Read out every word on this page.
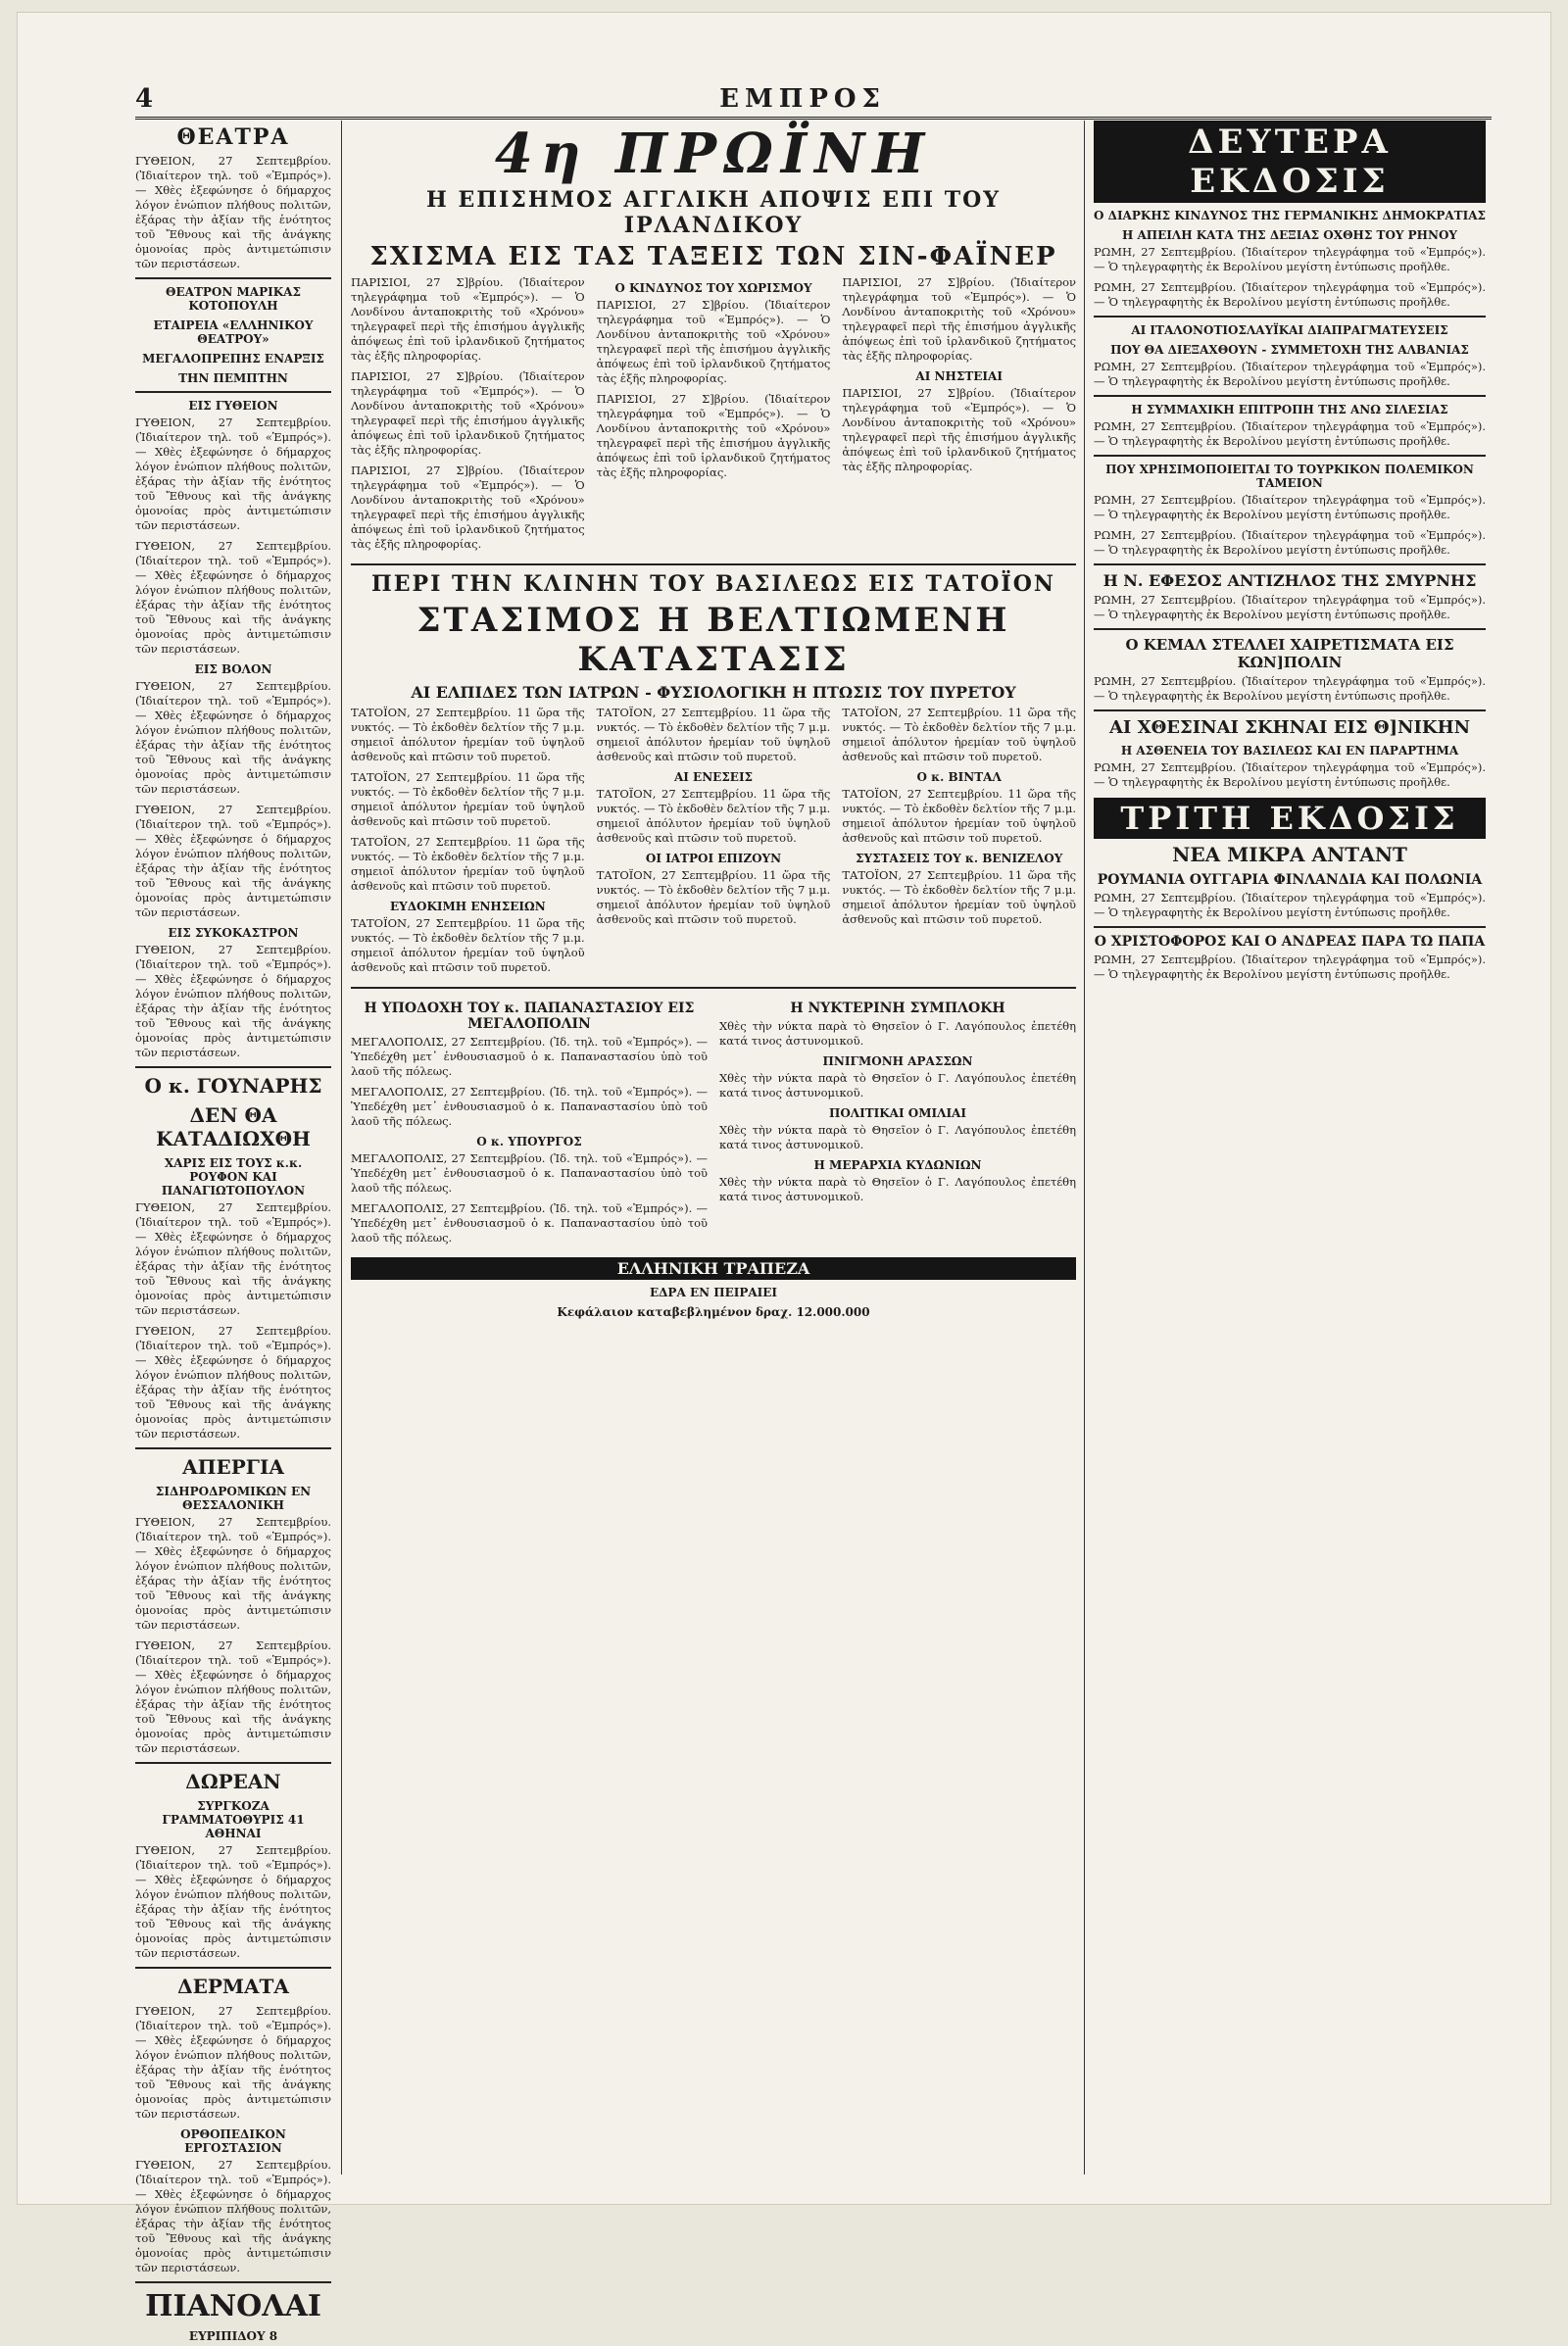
4	ΕΜΠΡΟΣ
ΘΕΑΤΡΑ

ΓΥΘΕΙΟΝ, 27 Σεπτεμβρίου. (Ἰδιαίτερον τηλ. τοῦ «Ἐμπρός»). — Χθὲς ἐξεφώνησε ὁ δήμαρχος λόγον ἐνώπιον πλήθους πολιτῶν, ἐξάρας τὴν ἀξίαν τῆς ἑνότητος τοῦ Ἔθνους καὶ τῆς ἀνάγκης ὁμονοίας πρὸς ἀντιμετώπισιν τῶν περιστάσεων.

ΘΕΑΤΡΟΝ ΜΑΡΙΚΑΣ ΚΟΤΟΠΟΥΛΗ
ΕΤΑΙΡΕΙΑ «ΕΛΛΗΝΙΚΟΥ ΘΕΑΤΡΟΥ»
ΜΕΓΑΛΟΠΡΕΠΗΣ ΕΝΑΡΞΙΣ
ΤΗΝ ΠΕΜΠΤΗΝ
ΕΙΣ ΓΥΘΕΙΟΝ

ΓΥΘΕΙΟΝ, 27 Σεπτεμβρίου. (Ἰδιαίτερον τηλ. τοῦ «Ἐμπρός»). — Χθὲς ἐξεφώνησε ὁ δήμαρχος λόγον ἐνώπιον πλήθους πολιτῶν, ἐξάρας τὴν ἀξίαν τῆς ἑνότητος τοῦ Ἔθνους καὶ τῆς ἀνάγκης ὁμονοίας πρὸς ἀντιμετώπισιν τῶν περιστάσεων.

ΓΥΘΕΙΟΝ, 27 Σεπτεμβρίου. (Ἰδιαίτερον τηλ. τοῦ «Ἐμπρός»). — Χθὲς ἐξεφώνησε ὁ δήμαρχος λόγον ἐνώπιον πλήθους πολιτῶν, ἐξάρας τὴν ἀξίαν τῆς ἑνότητος τοῦ Ἔθνους καὶ τῆς ἀνάγκης ὁμονοίας πρὸς ἀντιμετώπισιν τῶν περιστάσεων.

ΕΙΣ ΒΟΛΟΝ

ΓΥΘΕΙΟΝ, 27 Σεπτεμβρίου. (Ἰδιαίτερον τηλ. τοῦ «Ἐμπρός»). — Χθὲς ἐξεφώνησε ὁ δήμαρχος λόγον ἐνώπιον πλήθους πολιτῶν, ἐξάρας τὴν ἀξίαν τῆς ἑνότητος τοῦ Ἔθνους καὶ τῆς ἀνάγκης ὁμονοίας πρὸς ἀντιμετώπισιν τῶν περιστάσεων.

ΓΥΘΕΙΟΝ, 27 Σεπτεμβρίου. (Ἰδιαίτερον τηλ. τοῦ «Ἐμπρός»). — Χθὲς ἐξεφώνησε ὁ δήμαρχος λόγον ἐνώπιον πλήθους πολιτῶν, ἐξάρας τὴν ἀξίαν τῆς ἑνότητος τοῦ Ἔθνους καὶ τῆς ἀνάγκης ὁμονοίας πρὸς ἀντιμετώπισιν τῶν περιστάσεων.

ΕΙΣ ΣΥΚΟΚΑΣΤΡΟΝ

ΓΥΘΕΙΟΝ, 27 Σεπτεμβρίου. (Ἰδιαίτερον τηλ. τοῦ «Ἐμπρός»). — Χθὲς ἐξεφώνησε ὁ δήμαρχος λόγον ἐνώπιον πλήθους πολιτῶν, ἐξάρας τὴν ἀξίαν τῆς ἑνότητος τοῦ Ἔθνους καὶ τῆς ἀνάγκης ὁμονοίας πρὸς ἀντιμετώπισιν τῶν περιστάσεων.

Ο κ. ΓΟΥΝΑΡΗΣ
ΔΕΝ ΘΑ ΚΑΤΑΔΙΩΧΘΗ
ΧΑΡΙΣ ΕΙΣ ΤΟΥΣ κ.κ. ΡΟΥΦΟΝ ΚΑΙ ΠΑΝΑΓΙΩΤΟΠΟΥΛΟΝ

ΓΥΘΕΙΟΝ, 27 Σεπτεμβρίου. (Ἰδιαίτερον τηλ. τοῦ «Ἐμπρός»). — Χθὲς ἐξεφώνησε ὁ δήμαρχος λόγον ἐνώπιον πλήθους πολιτῶν, ἐξάρας τὴν ἀξίαν τῆς ἑνότητος τοῦ Ἔθνους καὶ τῆς ἀνάγκης ὁμονοίας πρὸς ἀντιμετώπισιν τῶν περιστάσεων.

ΓΥΘΕΙΟΝ, 27 Σεπτεμβρίου. (Ἰδιαίτερον τηλ. τοῦ «Ἐμπρός»). — Χθὲς ἐξεφώνησε ὁ δήμαρχος λόγον ἐνώπιον πλήθους πολιτῶν, ἐξάρας τὴν ἀξίαν τῆς ἑνότητος τοῦ Ἔθνους καὶ τῆς ἀνάγκης ὁμονοίας πρὸς ἀντιμετώπισιν τῶν περιστάσεων.

ΑΠΕΡΓΙΑ
ΣΙΔΗΡΟΔΡΟΜΙΚΩΝ ΕΝ ΘΕΣΣΑΛΟΝΙΚΗ

ΓΥΘΕΙΟΝ, 27 Σεπτεμβρίου. (Ἰδιαίτερον τηλ. τοῦ «Ἐμπρός»). — Χθὲς ἐξεφώνησε ὁ δήμαρχος λόγον ἐνώπιον πλήθους πολιτῶν, ἐξάρας τὴν ἀξίαν τῆς ἑνότητος τοῦ Ἔθνους καὶ τῆς ἀνάγκης ὁμονοίας πρὸς ἀντιμετώπισιν τῶν περιστάσεων.

ΓΥΘΕΙΟΝ, 27 Σεπτεμβρίου. (Ἰδιαίτερον τηλ. τοῦ «Ἐμπρός»). — Χθὲς ἐξεφώνησε ὁ δήμαρχος λόγον ἐνώπιον πλήθους πολιτῶν, ἐξάρας τὴν ἀξίαν τῆς ἑνότητος τοῦ Ἔθνους καὶ τῆς ἀνάγκης ὁμονοίας πρὸς ἀντιμετώπισιν τῶν περιστάσεων.

ΔΩΡΕΑΝ
ΣΥΡΓΚΟΖΑ ΓΡΑΜΜΑΤΟΘΥΡΙΣ 41 ΑΘΗΝΑΙ

ΓΥΘΕΙΟΝ, 27 Σεπτεμβρίου. (Ἰδιαίτερον τηλ. τοῦ «Ἐμπρός»). — Χθὲς ἐξεφώνησε ὁ δήμαρχος λόγον ἐνώπιον πλήθους πολιτῶν, ἐξάρας τὴν ἀξίαν τῆς ἑνότητος τοῦ Ἔθνους καὶ τῆς ἀνάγκης ὁμονοίας πρὸς ἀντιμετώπισιν τῶν περιστάσεων.

ΔΕΡΜΑΤΑ

ΓΥΘΕΙΟΝ, 27 Σεπτεμβρίου. (Ἰδιαίτερον τηλ. τοῦ «Ἐμπρός»). — Χθὲς ἐξεφώνησε ὁ δήμαρχος λόγον ἐνώπιον πλήθους πολιτῶν, ἐξάρας τὴν ἀξίαν τῆς ἑνότητος τοῦ Ἔθνους καὶ τῆς ἀνάγκης ὁμονοίας πρὸς ἀντιμετώπισιν τῶν περιστάσεων.

ΟΡΘΟΠΕΔΙΚΟΝ ΕΡΓΟΣΤΑΣΙΟΝ

ΓΥΘΕΙΟΝ, 27 Σεπτεμβρίου. (Ἰδιαίτερον τηλ. τοῦ «Ἐμπρός»). — Χθὲς ἐξεφώνησε ὁ δήμαρχος λόγον ἐνώπιον πλήθους πολιτῶν, ἐξάρας τὴν ἀξίαν τῆς ἑνότητος τοῦ Ἔθνους καὶ τῆς ἀνάγκης ὁμονοίας πρὸς ἀντιμετώπισιν τῶν περιστάσεων.

ΠΙΑΝΟΛΑΙ
ΕΥΡΙΠΙΔΟΥ 8
4η ΠΡΩΪΝΗ
Η ΕΠΙΣΗΜΟΣ ΑΓΓΛΙΚΗ ΑΠΟΨΙΣ ΕΠΙ ΤΟΥ ΙΡΛΑΝΔΙΚΟΥ
ΣΧΙΣΜΑ ΕΙΣ ΤΑΣ ΤΑΞΕΙΣ ΤΩΝ ΣΙΝ-ΦΑΪΝΕΡ

ΠΑΡΙΣΙΟΙ, 27 Σ]βρίου. (Ἰδιαίτερον τηλεγράφημα τοῦ «Ἐμπρός»). — Ὁ Λονδίνου ἀνταποκριτὴς τοῦ «Χρόνου» τηλεγραφεῖ περὶ τῆς ἐπισήμου ἀγγλικῆς ἀπόψεως ἐπὶ τοῦ ἰρλανδικοῦ ζητήματος τὰς ἑξῆς πληροφορίας.

ΠΑΡΙΣΙΟΙ, 27 Σ]βρίου. (Ἰδιαίτερον τηλεγράφημα τοῦ «Ἐμπρός»). — Ὁ Λονδίνου ἀνταποκριτὴς τοῦ «Χρόνου» τηλεγραφεῖ περὶ τῆς ἐπισήμου ἀγγλικῆς ἀπόψεως ἐπὶ τοῦ ἰρλανδικοῦ ζητήματος τὰς ἑξῆς πληροφορίας.

ΠΑΡΙΣΙΟΙ, 27 Σ]βρίου. (Ἰδιαίτερον τηλεγράφημα τοῦ «Ἐμπρός»). — Ὁ Λονδίνου ἀνταποκριτὴς τοῦ «Χρόνου» τηλεγραφεῖ περὶ τῆς ἐπισήμου ἀγγλικῆς ἀπόψεως ἐπὶ τοῦ ἰρλανδικοῦ ζητήματος τὰς ἑξῆς πληροφορίας.

Ο ΚΙΝΔΥΝΟΣ ΤΟΥ ΧΩΡΙΣΜΟΥ

ΠΑΡΙΣΙΟΙ, 27 Σ]βρίου. (Ἰδιαίτερον τηλεγράφημα τοῦ «Ἐμπρός»). — Ὁ Λονδίνου ἀνταποκριτὴς τοῦ «Χρόνου» τηλεγραφεῖ περὶ τῆς ἐπισήμου ἀγγλικῆς ἀπόψεως ἐπὶ τοῦ ἰρλανδικοῦ ζητήματος τὰς ἑξῆς πληροφορίας.

ΠΑΡΙΣΙΟΙ, 27 Σ]βρίου. (Ἰδιαίτερον τηλεγράφημα τοῦ «Ἐμπρός»). — Ὁ Λονδίνου ἀνταποκριτὴς τοῦ «Χρόνου» τηλεγραφεῖ περὶ τῆς ἐπισήμου ἀγγλικῆς ἀπόψεως ἐπὶ τοῦ ἰρλανδικοῦ ζητήματος τὰς ἑξῆς πληροφορίας.

ΠΑΡΙΣΙΟΙ, 27 Σ]βρίου. (Ἰδιαίτερον τηλεγράφημα τοῦ «Ἐμπρός»). — Ὁ Λονδίνου ἀνταποκριτὴς τοῦ «Χρόνου» τηλεγραφεῖ περὶ τῆς ἐπισήμου ἀγγλικῆς ἀπόψεως ἐπὶ τοῦ ἰρλανδικοῦ ζητήματος τὰς ἑξῆς πληροφορίας.

ΑΙ ΝΗΣΤΕΙΑΙ

ΠΑΡΙΣΙΟΙ, 27 Σ]βρίου. (Ἰδιαίτερον τηλεγράφημα τοῦ «Ἐμπρός»). — Ὁ Λονδίνου ἀνταποκριτὴς τοῦ «Χρόνου» τηλεγραφεῖ περὶ τῆς ἐπισήμου ἀγγλικῆς ἀπόψεως ἐπὶ τοῦ ἰρλανδικοῦ ζητήματος τὰς ἑξῆς πληροφορίας.

ΠΕΡΙ ΤΗΝ ΚΛΙΝΗΝ ΤΟΥ ΒΑΣΙΛΕΩΣ ΕΙΣ ΤΑΤΟΪΟΝ
ΣΤΑΣΙΜΟΣ Η ΒΕΛΤΙΩΜΕΝΗ ΚΑΤΑΣΤΑΣΙΣ
ΑΙ ΕΛΠΙΔΕΣ ΤΩΝ ΙΑΤΡΩΝ - ΦΥΣΙΟΛΟΓΙΚΗ Η ΠΤΩΣΙΣ ΤΟΥ ΠΥΡΕΤΟΥ

ΤΑΤΟΪΟΝ, 27 Σεπτεμβρίου. 11 ὥρα τῆς νυκτός. — Τὸ ἐκδοθὲν δελτίον τῆς 7 μ.μ. σημειοῖ ἀπόλυτον ἠρεμίαν τοῦ ὑψηλοῦ ἀσθενοῦς καὶ πτῶσιν τοῦ πυρετοῦ.

ΤΑΤΟΪΟΝ, 27 Σεπτεμβρίου. 11 ὥρα τῆς νυκτός. — Τὸ ἐκδοθὲν δελτίον τῆς 7 μ.μ. σημειοῖ ἀπόλυτον ἠρεμίαν τοῦ ὑψηλοῦ ἀσθενοῦς καὶ πτῶσιν τοῦ πυρετοῦ.

ΤΑΤΟΪΟΝ, 27 Σεπτεμβρίου. 11 ὥρα τῆς νυκτός. — Τὸ ἐκδοθὲν δελτίον τῆς 7 μ.μ. σημειοῖ ἀπόλυτον ἠρεμίαν τοῦ ὑψηλοῦ ἀσθενοῦς καὶ πτῶσιν τοῦ πυρετοῦ.

ΕΥΔΟΚΙΜΗ ΕΝΗΣΕΙΩΝ

ΤΑΤΟΪΟΝ, 27 Σεπτεμβρίου. 11 ὥρα τῆς νυκτός. — Τὸ ἐκδοθὲν δελτίον τῆς 7 μ.μ. σημειοῖ ἀπόλυτον ἠρεμίαν τοῦ ὑψηλοῦ ἀσθενοῦς καὶ πτῶσιν τοῦ πυρετοῦ.

ΤΑΤΟΪΟΝ, 27 Σεπτεμβρίου. 11 ὥρα τῆς νυκτός. — Τὸ ἐκδοθὲν δελτίον τῆς 7 μ.μ. σημειοῖ ἀπόλυτον ἠρεμίαν τοῦ ὑψηλοῦ ἀσθενοῦς καὶ πτῶσιν τοῦ πυρετοῦ.

ΑΙ ΕΝΕΣΕΙΣ

ΤΑΤΟΪΟΝ, 27 Σεπτεμβρίου. 11 ὥρα τῆς νυκτός. — Τὸ ἐκδοθὲν δελτίον τῆς 7 μ.μ. σημειοῖ ἀπόλυτον ἠρεμίαν τοῦ ὑψηλοῦ ἀσθενοῦς καὶ πτῶσιν τοῦ πυρετοῦ.

ΟΙ ΙΑΤΡΟΙ ΕΠΙΖΟΥΝ

ΤΑΤΟΪΟΝ, 27 Σεπτεμβρίου. 11 ὥρα τῆς νυκτός. — Τὸ ἐκδοθὲν δελτίον τῆς 7 μ.μ. σημειοῖ ἀπόλυτον ἠρεμίαν τοῦ ὑψηλοῦ ἀσθενοῦς καὶ πτῶσιν τοῦ πυρετοῦ.

ΤΑΤΟΪΟΝ, 27 Σεπτεμβρίου. 11 ὥρα τῆς νυκτός. — Τὸ ἐκδοθὲν δελτίον τῆς 7 μ.μ. σημειοῖ ἀπόλυτον ἠρεμίαν τοῦ ὑψηλοῦ ἀσθενοῦς καὶ πτῶσιν τοῦ πυρετοῦ.

Ο κ. ΒΙΝΤΑΛ

ΤΑΤΟΪΟΝ, 27 Σεπτεμβρίου. 11 ὥρα τῆς νυκτός. — Τὸ ἐκδοθὲν δελτίον τῆς 7 μ.μ. σημειοῖ ἀπόλυτον ἠρεμίαν τοῦ ὑψηλοῦ ἀσθενοῦς καὶ πτῶσιν τοῦ πυρετοῦ.

ΣΥΣΤΑΣΕΙΣ ΤΟΥ κ. ΒΕΝΙΖΕΛΟΥ

ΤΑΤΟΪΟΝ, 27 Σεπτεμβρίου. 11 ὥρα τῆς νυκτός. — Τὸ ἐκδοθὲν δελτίον τῆς 7 μ.μ. σημειοῖ ἀπόλυτον ἠρεμίαν τοῦ ὑψηλοῦ ἀσθενοῦς καὶ πτῶσιν τοῦ πυρετοῦ.

Η ΥΠΟΔΟΧΗ ΤΟΥ κ. ΠΑΠΑΝΑΣΤΑΣΙΟΥ ΕΙΣ ΜΕΓΑΛΟΠΟΛΙΝ

ΜΕΓΑΛΟΠΟΛΙΣ, 27 Σεπτεμβρίου. (Ἰδ. τηλ. τοῦ «Ἐμπρός»). — Ὑπεδέχθη μετ᾽ ἐνθουσιασμοῦ ὁ κ. Παπαναστασίου ὑπὸ τοῦ λαοῦ τῆς πόλεως.

ΜΕΓΑΛΟΠΟΛΙΣ, 27 Σεπτεμβρίου. (Ἰδ. τηλ. τοῦ «Ἐμπρός»). — Ὑπεδέχθη μετ᾽ ἐνθουσιασμοῦ ὁ κ. Παπαναστασίου ὑπὸ τοῦ λαοῦ τῆς πόλεως.

Ο κ. ΥΠΟΥΡΓΟΣ

ΜΕΓΑΛΟΠΟΛΙΣ, 27 Σεπτεμβρίου. (Ἰδ. τηλ. τοῦ «Ἐμπρός»). — Ὑπεδέχθη μετ᾽ ἐνθουσιασμοῦ ὁ κ. Παπαναστασίου ὑπὸ τοῦ λαοῦ τῆς πόλεως.

ΜΕΓΑΛΟΠΟΛΙΣ, 27 Σεπτεμβρίου. (Ἰδ. τηλ. τοῦ «Ἐμπρός»). — Ὑπεδέχθη μετ᾽ ἐνθουσιασμοῦ ὁ κ. Παπαναστασίου ὑπὸ τοῦ λαοῦ τῆς πόλεως.

Η ΝΥΚΤΕΡΙΝΗ ΣΥΜΠΛΟΚΗ

Χθὲς τὴν νύκτα παρὰ τὸ Θησεῖον ὁ Γ. Λαγόπουλος ἐπετέθη κατά τινος ἀστυνομικοῦ.

ΠΝΙΓΜΟΝΗ ΑΡΑΣΣΩΝ

Χθὲς τὴν νύκτα παρὰ τὸ Θησεῖον ὁ Γ. Λαγόπουλος ἐπετέθη κατά τινος ἀστυνομικοῦ.

ΠΟΛΙΤΙΚΑΙ ΟΜΙΛΙΑΙ

Χθὲς τὴν νύκτα παρὰ τὸ Θησεῖον ὁ Γ. Λαγόπουλος ἐπετέθη κατά τινος ἀστυνομικοῦ.

Η ΜΕΡΑΡΧΙΑ ΚΥΔΩΝΙΩΝ

Χθὲς τὴν νύκτα παρὰ τὸ Θησεῖον ὁ Γ. Λαγόπουλος ἐπετέθη κατά τινος ἀστυνομικοῦ.

ΕΛΛΗΝΙΚΗ ΤΡΑΠΕΖΑ
ΕΔΡΑ ΕΝ ΠΕΙΡΑΙΕΙ
Κεφάλαιον καταβεβλημένον δραχ. 12.000.000
ΔΕΥΤΕΡΑ ΕΚΔΟΣΙΣ
Ο ΔΙΑΡΚΗΣ ΚΙΝΔΥΝΟΣ ΤΗΣ ΓΕΡΜΑΝΙΚΗΣ ΔΗΜΟΚΡΑΤΙΑΣ
Η ΑΠΕΙΛΗ ΚΑΤΑ ΤΗΣ ΔΕΞΙΑΣ ΟΧΘΗΣ ΤΟΥ ΡΗΝΟΥ

ΡΩΜΗ, 27 Σεπτεμβρίου. (Ἰδιαίτερον τηλεγράφημα τοῦ «Ἐμπρός»). — Ὁ τηλεγραφητὴς ἐκ Βερολίνου μεγίστη ἐντύπωσις προῆλθε.

ΡΩΜΗ, 27 Σεπτεμβρίου. (Ἰδιαίτερον τηλεγράφημα τοῦ «Ἐμπρός»). — Ὁ τηλεγραφητὴς ἐκ Βερολίνου μεγίστη ἐντύπωσις προῆλθε.

ΑΙ ΙΤΑΛΟΝΟΤΙΟΣΛΑΥΪΚΑΙ ΔΙΑΠΡΑΓΜΑΤΕΥΣΕΙΣ
ΠΟΥ ΘΑ ΔΙΕΞΑΧΘΟΥΝ - ΣΥΜΜΕΤΟΧΗ ΤΗΣ ΑΛΒΑΝΙΑΣ

ΡΩΜΗ, 27 Σεπτεμβρίου. (Ἰδιαίτερον τηλεγράφημα τοῦ «Ἐμπρός»). — Ὁ τηλεγραφητὴς ἐκ Βερολίνου μεγίστη ἐντύπωσις προῆλθε.

Η ΣΥΜΜΑΧΙΚΗ ΕΠΙΤΡΟΠΗ ΤΗΣ ΑΝΩ ΣΙΛΕΣΙΑΣ

ΡΩΜΗ, 27 Σεπτεμβρίου. (Ἰδιαίτερον τηλεγράφημα τοῦ «Ἐμπρός»). — Ὁ τηλεγραφητὴς ἐκ Βερολίνου μεγίστη ἐντύπωσις προῆλθε.

ΠΟΥ ΧΡΗΣΙΜΟΠΟΙΕΙΤΑΙ ΤΟ ΤΟΥΡΚΙΚΟΝ ΠΟΛΕΜΙΚΟΝ ΤΑΜΕΙΟΝ

ΡΩΜΗ, 27 Σεπτεμβρίου. (Ἰδιαίτερον τηλεγράφημα τοῦ «Ἐμπρός»). — Ὁ τηλεγραφητὴς ἐκ Βερολίνου μεγίστη ἐντύπωσις προῆλθε.

ΡΩΜΗ, 27 Σεπτεμβρίου. (Ἰδιαίτερον τηλεγράφημα τοῦ «Ἐμπρός»). — Ὁ τηλεγραφητὴς ἐκ Βερολίνου μεγίστη ἐντύπωσις προῆλθε.

Η Ν. ΕΦΕΣΟΣ ΑΝΤΙΖΗΛΟΣ ΤΗΣ ΣΜΥΡΝΗΣ

ΡΩΜΗ, 27 Σεπτεμβρίου. (Ἰδιαίτερον τηλεγράφημα τοῦ «Ἐμπρός»). — Ὁ τηλεγραφητὴς ἐκ Βερολίνου μεγίστη ἐντύπωσις προῆλθε.

Ο ΚΕΜΑΛ ΣΤΕΛΛΕΙ ΧΑΙΡΕΤΙΣΜΑΤΑ ΕΙΣ ΚΩΝ]ΠΟΛΙΝ

ΡΩΜΗ, 27 Σεπτεμβρίου. (Ἰδιαίτερον τηλεγράφημα τοῦ «Ἐμπρός»). — Ὁ τηλεγραφητὴς ἐκ Βερολίνου μεγίστη ἐντύπωσις προῆλθε.

ΑΙ ΧΘΕΣΙΝΑΙ ΣΚΗΝΑΙ ΕΙΣ Θ]ΝΙΚΗΝ
Η ΑΣΘΕΝΕΙΑ ΤΟΥ ΒΑΣΙΛΕΩΣ ΚΑΙ ΕΝ ΠΑΡΑΡΤΗΜΑ

ΡΩΜΗ, 27 Σεπτεμβρίου. (Ἰδιαίτερον τηλεγράφημα τοῦ «Ἐμπρός»). — Ὁ τηλεγραφητὴς ἐκ Βερολίνου μεγίστη ἐντύπωσις προῆλθε.

ΤΡΙΤΗ ΕΚΔΟΣΙΣ
ΝΕΑ ΜΙΚΡΑ ΑΝΤΑΝΤ
ΡΟΥΜΑΝΙΑ ΟΥΓΓΑΡΙΑ ΦΙΝΛΑΝΔΙΑ ΚΑΙ ΠΟΛΩΝΙΑ

ΡΩΜΗ, 27 Σεπτεμβρίου. (Ἰδιαίτερον τηλεγράφημα τοῦ «Ἐμπρός»). — Ὁ τηλεγραφητὴς ἐκ Βερολίνου μεγίστη ἐντύπωσις προῆλθε.

Ο ΧΡΙΣΤΟΦΟΡΟΣ ΚΑΙ Ο ΑΝΔΡΕΑΣ ΠΑΡΑ ΤΩ ΠΑΠΑ

ΡΩΜΗ, 27 Σεπτεμβρίου. (Ἰδιαίτερον τηλεγράφημα τοῦ «Ἐμπρός»). — Ὁ τηλεγραφητὴς ἐκ Βερολίνου μεγίστη ἐντύπωσις προῆλθε.
